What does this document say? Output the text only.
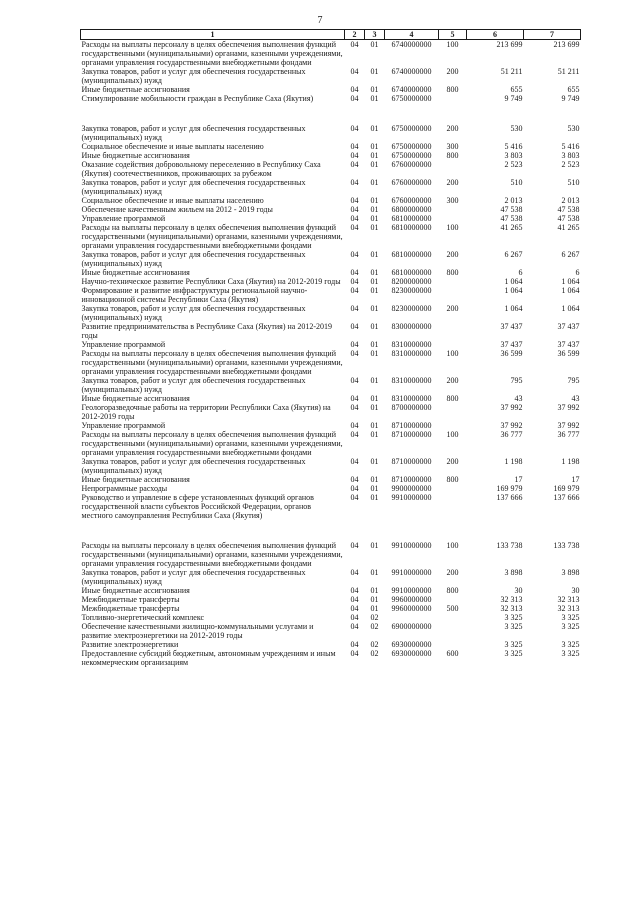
7
1	2	3	4	5	6	7
Расходы на выплаты персоналу в целях обеспечения выполнения функций государственными (муниципальными) органами, казенными учреждениями, органами управления государственными внебюджетными фондами	04	01	6740000000	100	213 699	213 699
Закупка товаров, работ и услуг для обеспечения государственных (муниципальных) нужд	04	01	6740000000	200	51 211	51 211
Иные бюджетные ассигнования	04	01	6740000000	800	655	655
Стимулирование мобильности граждан в Республике Саха (Якутия)	04	01	6750000000		9 749	9 749

Закупка товаров, работ и услуг для обеспечения государственных (муниципальных) нужд	04	01	6750000000	200	530	530
Социальное обеспечение и иные выплаты населению	04	01	6750000000	300	5 416	5 416
Иные бюджетные ассигнования	04	01	6750000000	800	3 803	3 803
Оказание содействия добровольному переселению в Республику Саха (Якутия) соотечественников, проживающих за рубежом	04	01	6760000000		2 523	2 523
Закупка товаров, работ и услуг для обеспечения государственных (муниципальных) нужд	04	01	6760000000	200	510	510
Социальное обеспечение и иные выплаты населению	04	01	6760000000	300	2 013	2 013
Обеспечение качественным жильем на 2012 - 2019 годы	04	01	6800000000		47 538	47 538
Управление программой	04	01	6810000000		47 538	47 538
Расходы на выплаты персоналу в целях обеспечения выполнения функций государственными (муниципальными) органами, казенными учреждениями, органами управления государственными внебюджетными фондами	04	01	6810000000	100	41 265	41 265
Закупка товаров, работ и услуг для обеспечения государственных (муниципальных) нужд	04	01	6810000000	200	6 267	6 267
Иные бюджетные ассигнования	04	01	6810000000	800	6	6
Научно-техническое развитие Республики Саха (Якутия) на 2012-2019 годы	04	01	8200000000		1 064	1 064
Формирование и развитие инфраструктуры региональной научно-инновационной системы Республики Саха (Якутия)	04	01	8230000000		1 064	1 064
Закупка товаров, работ и услуг для обеспечения государственных (муниципальных) нужд	04	01	8230000000	200	1 064	1 064
Развитие предпринимательства в Республике Саха (Якутия) на 2012-2019 годы	04	01	8300000000		37 437	37 437
Управление программой	04	01	8310000000		37 437	37 437
Расходы на выплаты персоналу в целях обеспечения выполнения функций государственными (муниципальными) органами, казенными учреждениями, органами управления государственными внебюджетными фондами	04	01	8310000000	100	36 599	36 599
Закупка товаров, работ и услуг для обеспечения государственных (муниципальных) нужд	04	01	8310000000	200	795	795
Иные бюджетные ассигнования	04	01	8310000000	800	43	43
Геологоразведочные работы на территории Республики Саха (Якутия) на 2012-2019 годы	04	01	8700000000		37 992	37 992
Управление программой	04	01	8710000000		37 992	37 992
Расходы на выплаты персоналу в целях обеспечения выполнения функций государственными (муниципальными) органами, казенными учреждениями, органами управления государственными внебюджетными фондами	04	01	8710000000	100	36 777	36 777
Закупка товаров, работ и услуг для обеспечения государственных (муниципальных) нужд	04	01	8710000000	200	1 198	1 198
Иные бюджетные ассигнования	04	01	8710000000	800	17	17
Непрограммные расходы	04	01	9900000000		169 979	169 979
Руководство и управление в сфере установленных функций органов государственной власти субъектов Российской Федерации, органов местного самоуправления Республики Саха (Якутия)	04	01	9910000000		137 666	137 666

Расходы на выплаты персоналу в целях обеспечения выполнения функций государственными (муниципальными) органами, казенными учреждениями, органами управления государственными внебюджетными фондами	04	01	9910000000	100	133 738	133 738
Закупка товаров, работ и услуг для обеспечения государственных (муниципальных) нужд	04	01	9910000000	200	3 898	3 898
Иные бюджетные ассигнования	04	01	9910000000	800	30	30
Межбюджетные трансферты	04	01	9960000000		32 313	32 313
Межбюджетные трансферты	04	01	9960000000	500	32 313	32 313
Топливно-энергетический комплекс	04	02			3 325	3 325
Обеспечение качественными жилищно-коммунальными услугами и развитие электроэнергетики на 2012-2019 годы	04	02	6900000000		3 325	3 325
Развитие электроэнергетики	04	02	6930000000		3 325	3 325
Предоставление субсидий бюджетным, автономным учреждениям и иным некоммерческим организациям	04	02	6930000000	600	3 325	3 325
